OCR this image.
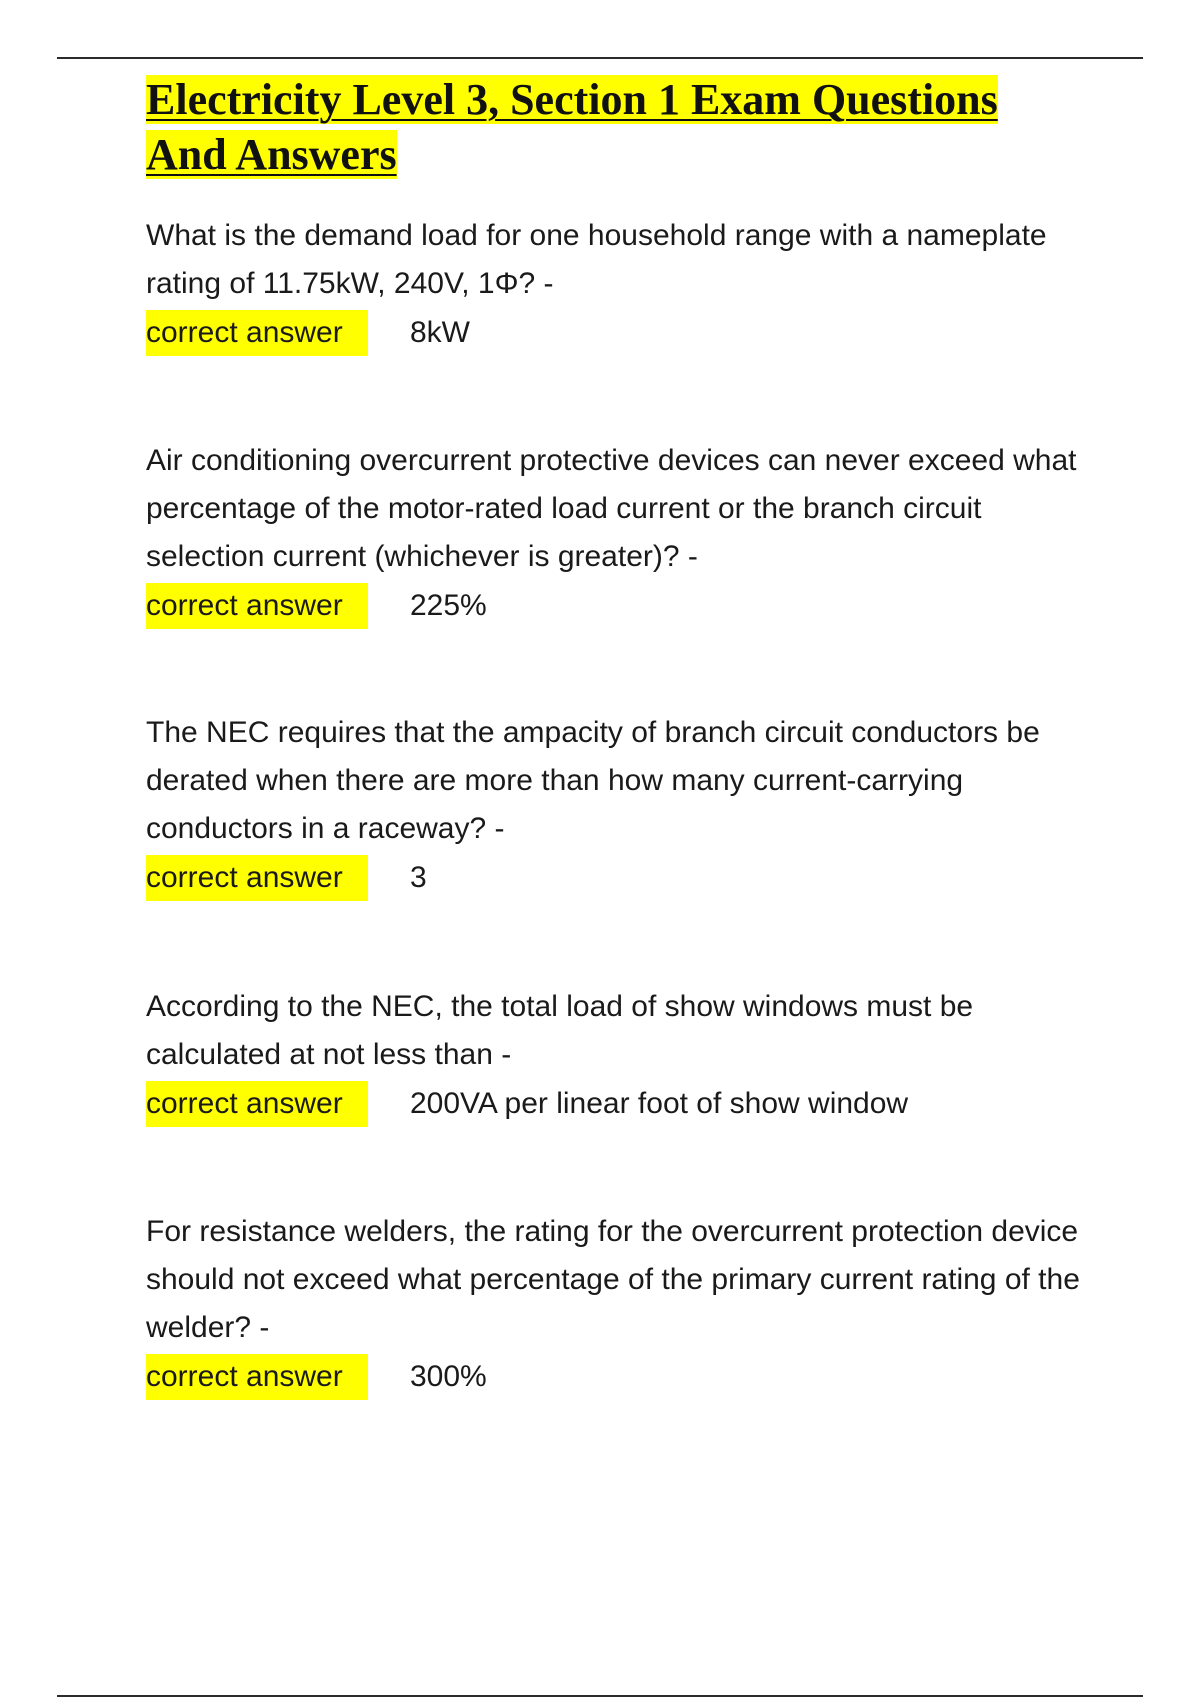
Electricity Level 3, Section 1 Exam Questions And Answers

What is the demand load for one household range with a nameplate rating of 11.75kW, 240V, 1Φ? -

correct answer	8kW

Air conditioning overcurrent protective devices can never exceed what percentage of the motor-rated load current or the branch circuit selection current (whichever is greater)? -

correct answer	225%

The NEC requires that the ampacity of branch circuit conductors be derated when there are more than how many current-carrying conductors in a raceway? -

correct answer	3

According to the NEC, the total load of show windows must be calculated at not less than -

correct answer	200VA per linear foot of show window

For resistance welders, the rating for the overcurrent protection device should not exceed what percentage of the primary current rating of the welder? -

correct answer	300%
